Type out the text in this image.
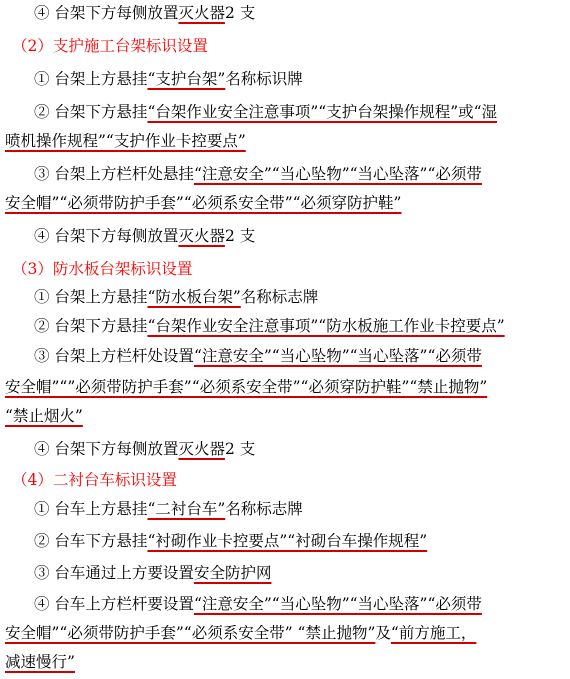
④ 台架下方每侧放置灭火器2 支
（2）支护施工台架标识设置
① 台架上方悬挂“支护台架”名称标识牌
② 台架下方悬挂“台架作业安全注意事项”“支护台架操作规程”或“湿
喷机操作规程”“支护作业卡控要点”
③ 台架上方栏杆处悬挂“注意安全”“当心坠物”“当心坠落”“必须带
安全帽”“必须带防护手套”“必须系安全带”“必须穿防护鞋”
④ 台架下方每侧放置灭火器2 支
（3）防水板台架标识设置
① 台架上方悬挂“防水板台架”名称标志牌
② 台架下方悬挂“台架作业安全注意事项”“防水板施工作业卡控要点”
③ 台架上方栏杆处设置“注意安全”“当心坠物”“当心坠落”“必须带
安全帽”“”必须带防护手套”“必须系安全带”“必须穿防护鞋”“禁止抛物”
“禁止烟火”
④ 台架下方每侧放置灭火器2 支
（4）二衬台车标识设置
① 台车上方悬挂“二衬台车”名称标志牌
② 台车下方悬挂“衬砌作业卡控要点”“衬砌台车操作规程”
③ 台车通过上方要设置安全防护网
④ 台车上方栏杆要设置“注意安全”“当心坠物”“当心坠落”“必须带
安全帽”“必须带防护手套”“必须系安全带” “禁止抛物”及“前方施工，
减速慢行”
